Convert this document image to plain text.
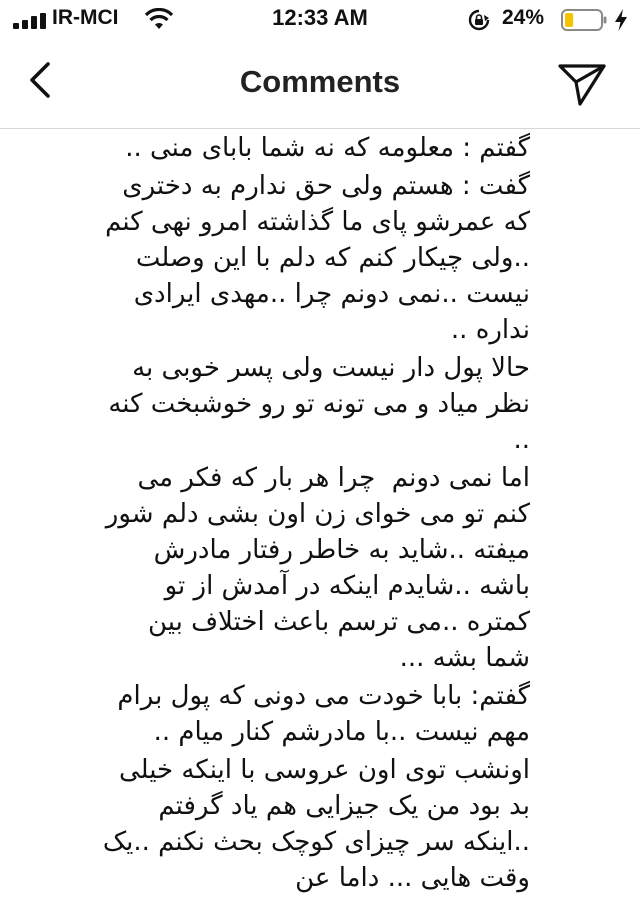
IR-MCI	12:33 AM	24%
Comments

گفتم : معلومه که نه شما بابای منی ..

گفت : هستم ولی حق ندارم به دختری که عمرشو پای ما گذاشته امرو نهی کنم ..ولی چیکار کنم که دلم با این وصلت نیست ..نمی دونم چرا ..مهدی ایرادی نداره ..

حالا پول دار نیست ولی پسر خوبی به نظر میاد و می تونه تو رو خوشبخت کنه ..

اما نمی دونم  چرا هر بار که فکر می کنم تو می خوای زن اون بشی دلم شور میفته ..شاید به خاطر رفتار مادرش باشه ..شایدم اینکه در آمدش از تو کمتره ..می ترسم باعث اختلاف بین شما بشه ...

گفتم: بابا خودت می دونی که پول برام مهم نیست ..با مادرشم کنار میام ..

اونشب توی اون عروسی با اینکه خیلی بد بود من یک جیزایی هم یاد گرفتم ..اینکه سر چیزای کوچک بحث نکنم ..یک وقت هایی ... داما عن
